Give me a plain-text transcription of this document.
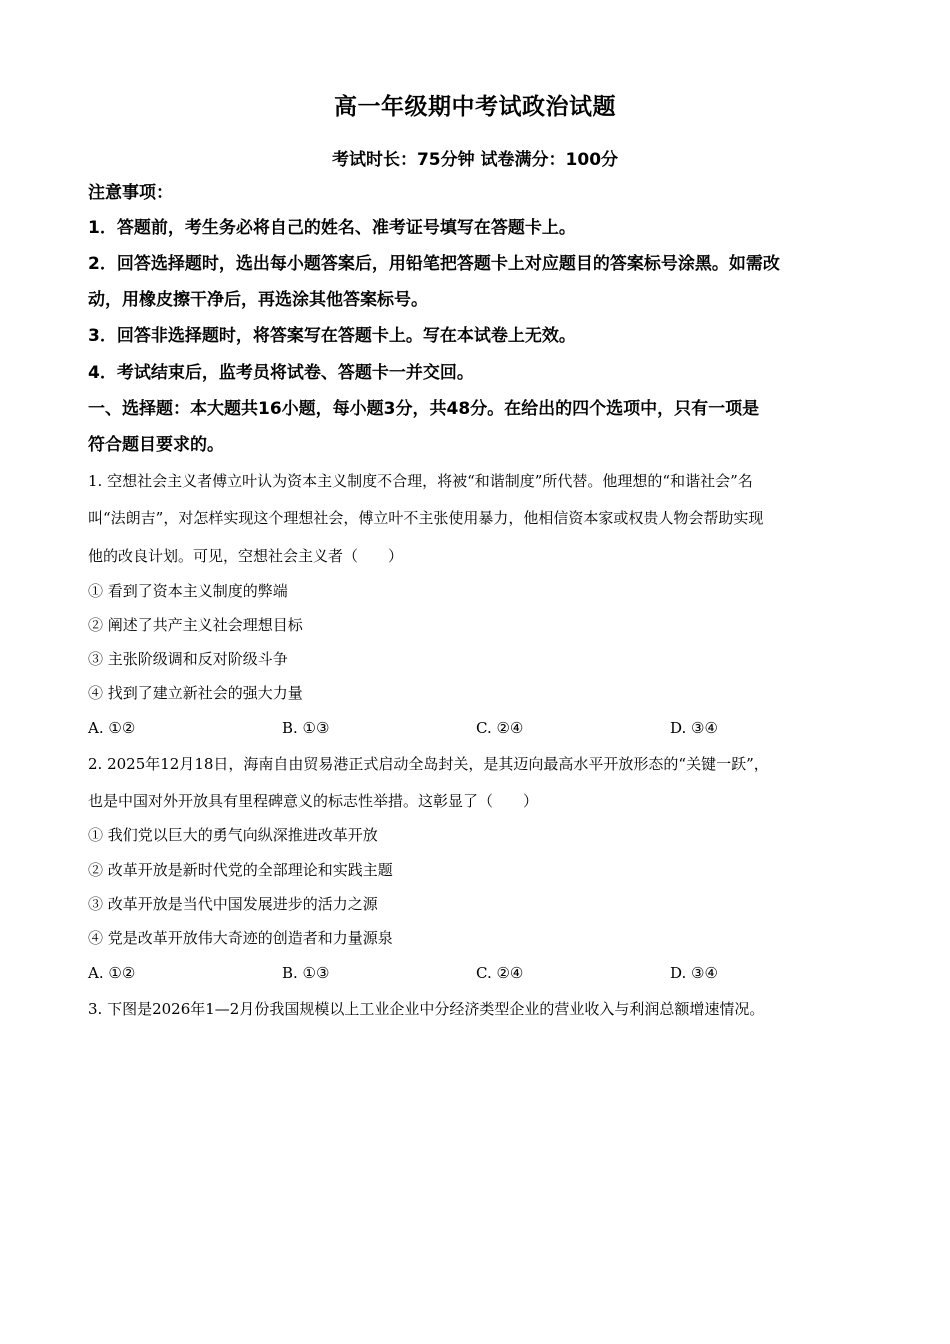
高一年级期中考试政治试题
考试时长：75分钟 试卷满分：100分
注意事项：
1．答题前，考生务必将自己的姓名、准考证号填写在答题卡上。
2．回答选择题时，选出每小题答案后，用铅笔把答题卡上对应题目的答案标号涂黑。如需改
动，用橡皮擦干净后，再选涂其他答案标号。
3．回答非选择题时，将答案写在答题卡上。写在本试卷上无效。
4．考试结束后，监考员将试卷、答题卡一并交回。
一、选择题：本大题共16小题，每小题3分，共48分。在给出的四个选项中，只有一项是
符合题目要求的。
1. 空想社会主义者傅立叶认为资本主义制度不合理，将被“和谐制度”所代替。他理想的“和谐社会”名
叫“法朗吉”，对怎样实现这个理想社会，傅立叶不主张使用暴力，他相信资本家或权贵人物会帮助实现
他的改良计划。可见，空想社会主义者（　　）
① 看到了资本主义制度的弊端
② 阐述了共产主义社会理想目标
③ 主张阶级调和反对阶级斗争
④ 找到了建立新社会的强大力量
A. ①②	B. ①③	C. ②④	D. ③④
2. 2025年12月18日，海南自由贸易港正式启动全岛封关，是其迈向最高水平开放形态的“关键一跃”，
也是中国对外开放具有里程碑意义的标志性举措。这彰显了（　　）
① 我们党以巨大的勇气向纵深推进改革开放
② 改革开放是新时代党的全部理论和实践主题
③ 改革开放是当代中国发展进步的活力之源
④ 党是改革开放伟大奇迹的创造者和力量源泉
A. ①②	B. ①③	C. ②④	D. ③④
3. 下图是2026年1—2月份我国规模以上工业企业中分经济类型企业的营业收入与利润总额增速情况。
